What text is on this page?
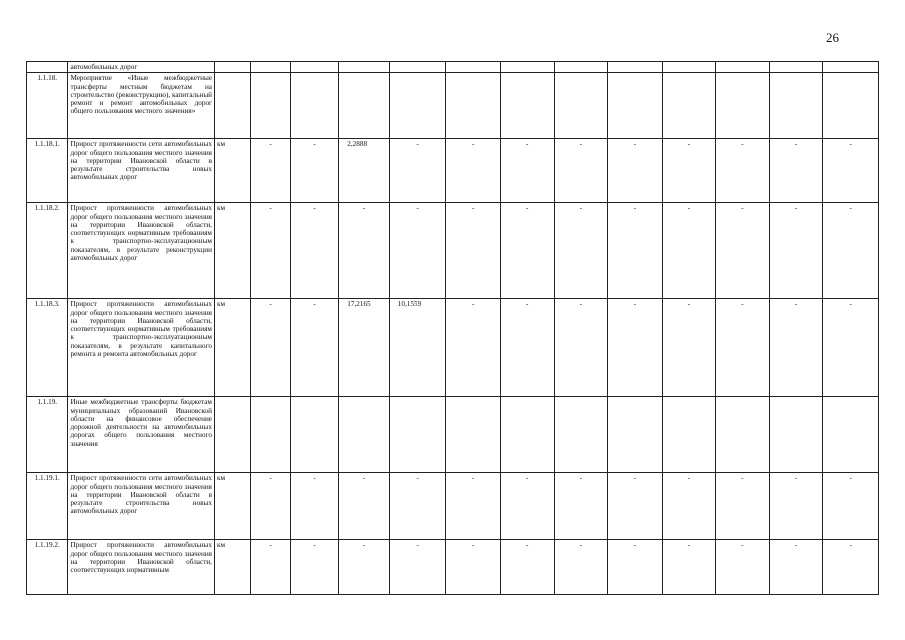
26
	автомобильных дорог													
1.1.18.	Мероприятие «Иные межбюджетные трансферты местным бюджетам на строительство (реконструкцию), капитальный ремонт и ремонт автомобильных дорог общего пользования местного значения»													
1.1.18.1.	Прирост протяженности сети автомобильных дорог общего пользования местного значения на территории Ивановской области в результате строительства новых автомобильных дорог	км	-	-	2,2888	-	-	-	-	-	-	-	-	-
1.1.18.2.	Прирост протяженности автомобильных дорог общего пользования местного значения на территории Ивановской области, соответствующих нормативным требованиям к транспортно-эксплуатационным показателям, в результате реконструкции автомобильных дорог	км	-	-	-	-	-	-	-	-	-	-	-	-
1.1.18.3.	Прирост протяженности автомобильных дорог общего пользования местного значения на территории Ивановской области, соответствующих нормативным требованиям к транспортно-эксплуатационным показателям, в результате капитального ремонта и ремонта автомобильных дорог	км	-	-	17,2165	10,1559	-	-	-	-	-	-	-	-
1.1.19.	Иные межбюджетные трансферты бюджетам муниципальных образований Ивановской области на финансовое обеспечение дорожной деятельности на автомобильных дорогах общего пользования местного значения													
1.1.19.1.	Прирост протяженности сети автомобильных дорог общего пользования местного значения на территории Ивановской области в результате строительства новых автомобильных дорог	км	-	-	-	-	-	-	-	-	-	-	-	-
1.1.19.2.	Прирост протяженности автомобильных дорог общего пользования местного значения на территории Ивановской области, соответствующих нормативным	км	-	-	-	-	-	-	-	-	-	-	-	-
